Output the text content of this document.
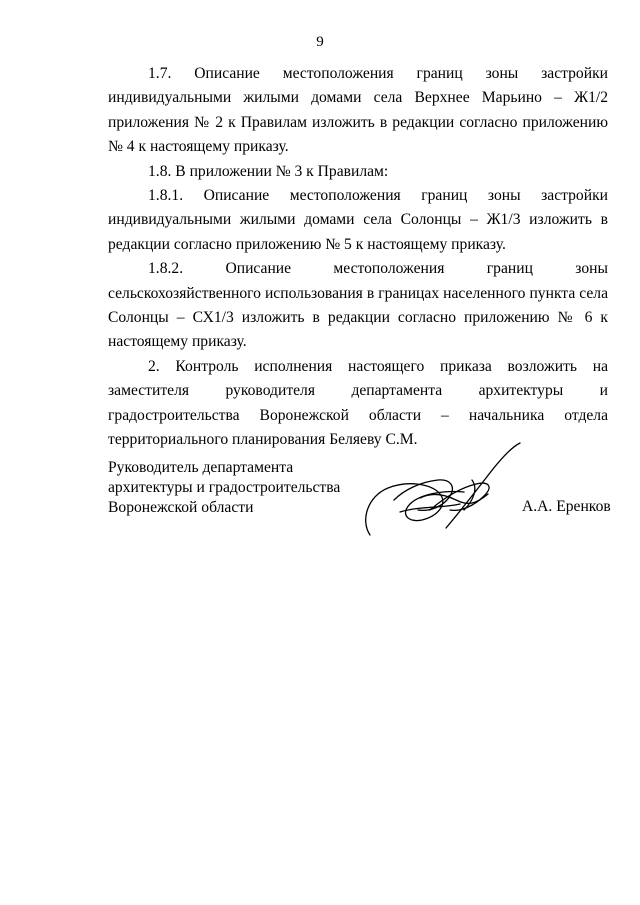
9

1.7. Описание местоположения границ зоны застройки индивидуальными жилыми домами села Верхнее Марьино – Ж1/2 приложения № 2 к Правилам изложить в редакции согласно приложению № 4 к настоящему приказу.

1.8. В приложении № 3 к Правилам:

1.8.1. Описание местоположения границ зоны застройки индивидуальными жилыми домами села Солонцы – Ж1/3 изложить в редакции согласно приложению № 5 к настоящему приказу.

1.8.2. Описание местоположения границ зоны сельскохозяйственного использования в границах населенного пункта села Солонцы – СХ1/3 изложить в редакции согласно приложению № 6 к настоящему приказу.

2. Контроль исполнения настоящего приказа возложить на заместителя руководителя департамента архитектуры и градостроительства Воронежской области – начальника отдела территориального планирования Беляеву С.М.

Руководитель департамента
архитектуры и градостроительства
Воронежской области	А.А. Еренков
